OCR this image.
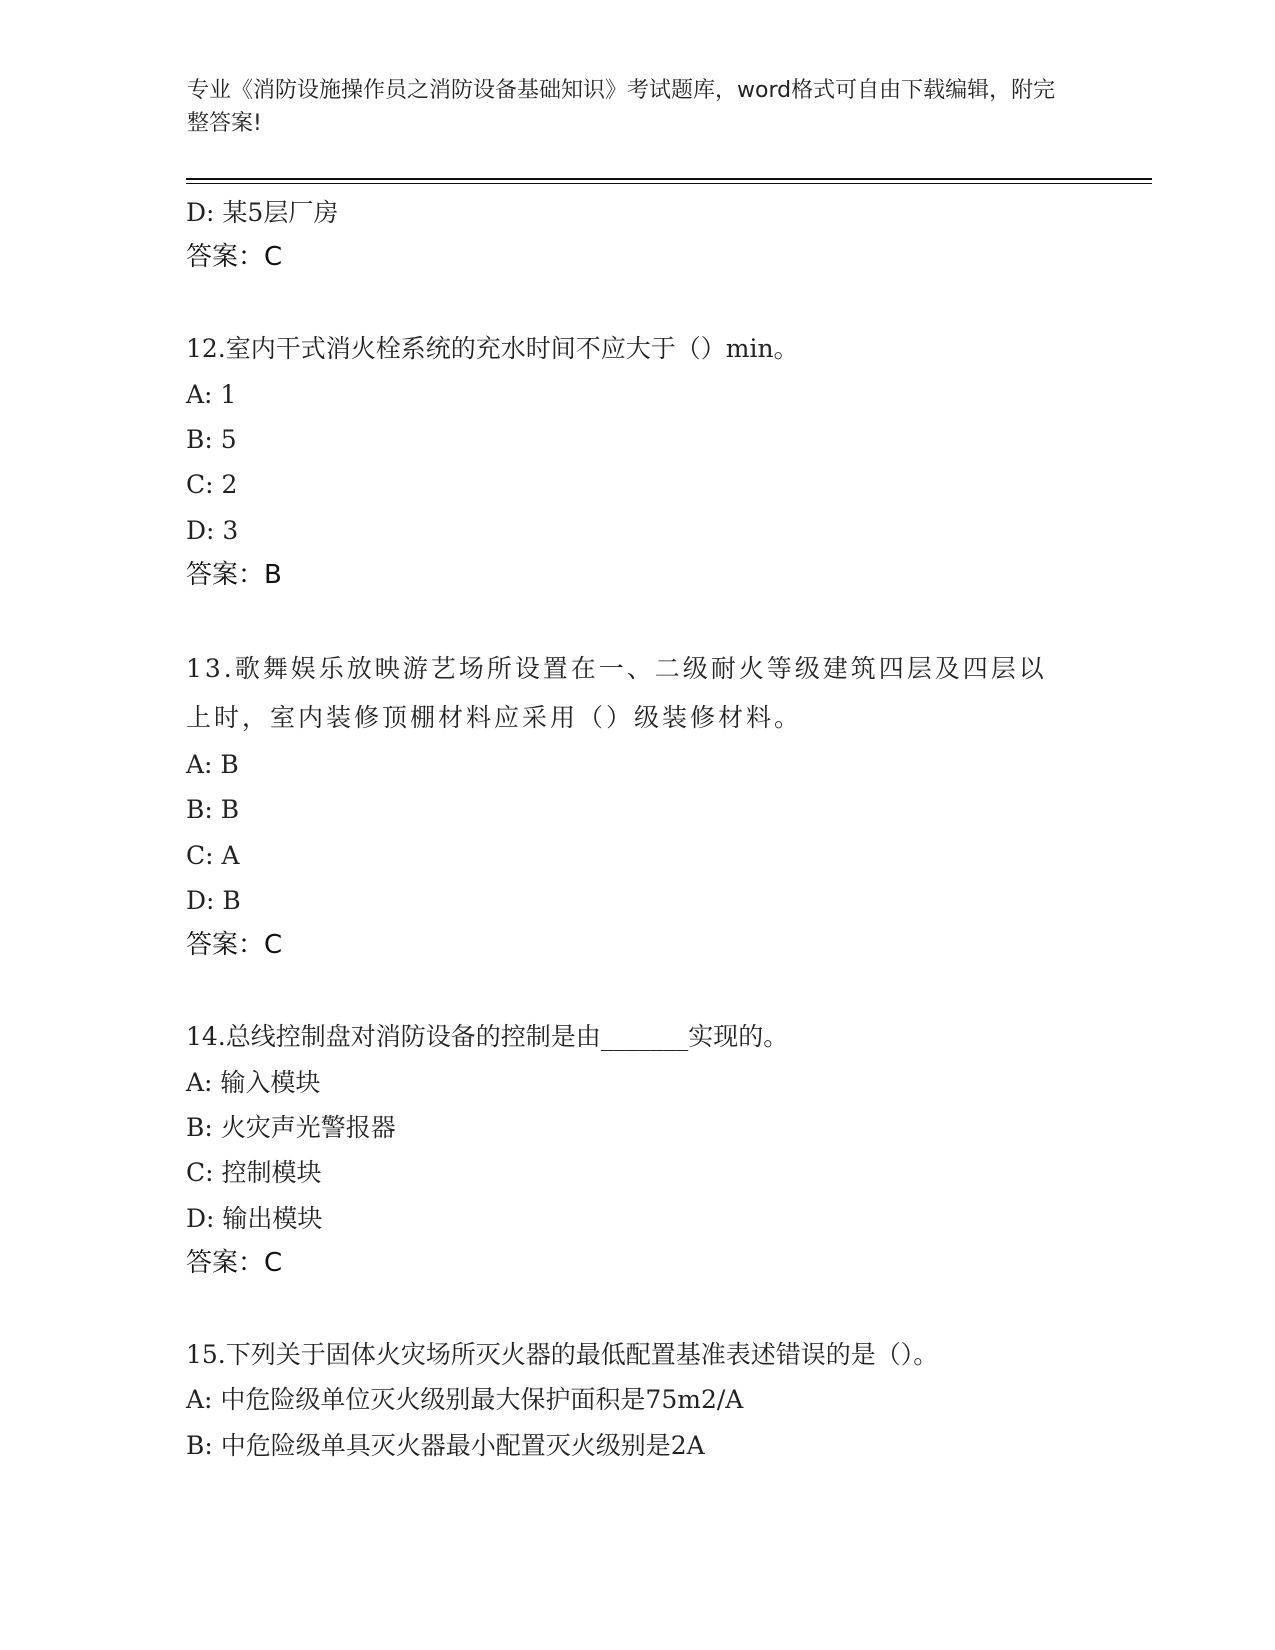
专业《消防设施操作员之消防设备基础知识》考试题库，word格式可自由下载编辑，附完整答案!
D: 某5层厂房
答案：C
12.室内干式消火栓系统的充水时间不应大于（）min。
A: 1
B: 5
C: 2
D: 3
答案：B
13.歌舞娱乐放映游艺场所设置在一、二级耐火等级建筑四层及四层以上时，室内装修顶棚材料应采用（）级装修材料。
A: B
B: B
C: A
D: B
答案：C
14.总线控制盘对消防设备的控制是由_______实现的。
A: 输入模块
B: 火灾声光警报器
C: 控制模块
D: 输出模块
答案：C
15.下列关于固体火灾场所灭火器的最低配置基准表述错误的是（）。
A: 中危险级单位灭火级别最大保护面积是75m2/A
B: 中危险级单具灭火器最小配置灭火级别是2A
